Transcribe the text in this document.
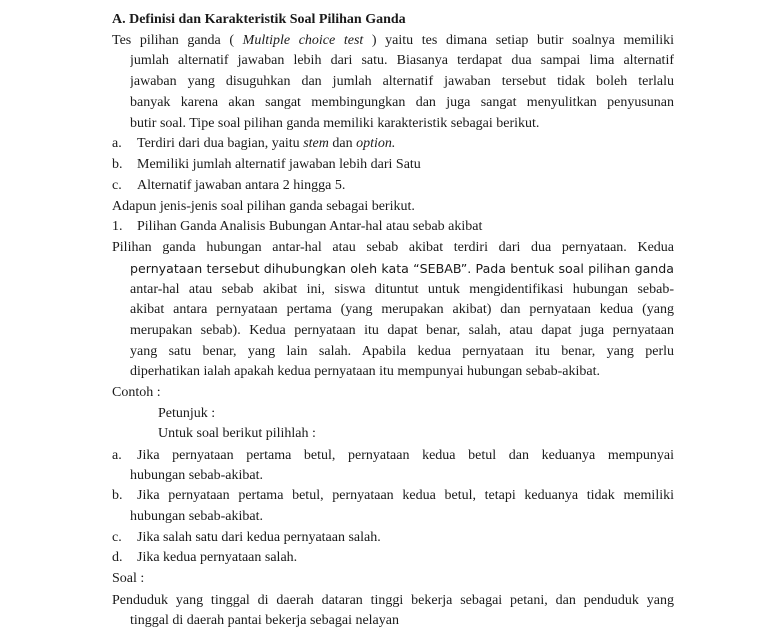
A. Definisi dan Karakteristik Soal Pilihan Ganda
Tes pilihan ganda ( Multiple choice test ) yaitu tes dimana setiap butir soalnya memiliki
jumlah alternatif jawaban lebih dari satu. Biasanya terdapat dua sampai lima alternatif
jawaban yang disuguhkan dan jumlah alternatif jawaban tersebut tidak boleh terlalu
banyak karena akan sangat membingungkan dan juga sangat menyulitkan penyusunan
butir soal. Tipe soal pilihan ganda memiliki karakteristik sebagai berikut.
a. Terdiri dari dua bagian, yaitu stem dan option.
b. Memiliki jumlah alternatif jawaban lebih dari Satu
c. Alternatif jawaban antara 2 hingga 5.
Adapun jenis-jenis soal pilihan ganda sebagai berikut.
1. Pilihan Ganda Analisis Bubungan Antar-hal atau sebab akibat
Pilihan ganda hubungan antar-hal atau sebab akibat terdiri dari dua pernyataan. Kedua
pernyataan tersebut dihubungkan oleh kata “SEBAB”. Pada bentuk soal pilihan ganda
antar-hal atau sebab akibat ini, siswa dituntut untuk mengidentifikasi hubungan sebab-
akibat antara pernyataan pertama (yang merupakan akibat) dan pernyataan kedua (yang
merupakan sebab). Kedua pernyataan itu dapat benar, salah, atau dapat juga pernyataan
yang satu benar, yang lain salah. Apabila kedua pernyataan itu benar, yang perlu
diperhatikan ialah apakah kedua pernyataan itu mempunyai hubungan sebab-akibat.
Contoh :
Petunjuk :
Untuk soal berikut pilihlah :
a. Jika pernyataan pertama betul, pernyataan kedua betul dan keduanya mempunyai
hubungan sebab-akibat.
b. Jika pernyataan pertama betul, pernyataan kedua betul, tetapi keduanya tidak memiliki
hubungan sebab-akibat.
c. Jika salah satu dari kedua pernyataan salah.
d. Jika kedua pernyataan salah.
Soal :
Penduduk yang tinggal di daerah dataran tinggi bekerja sebagai petani, dan penduduk yang
tinggal di daerah pantai bekerja sebagai nelayan
